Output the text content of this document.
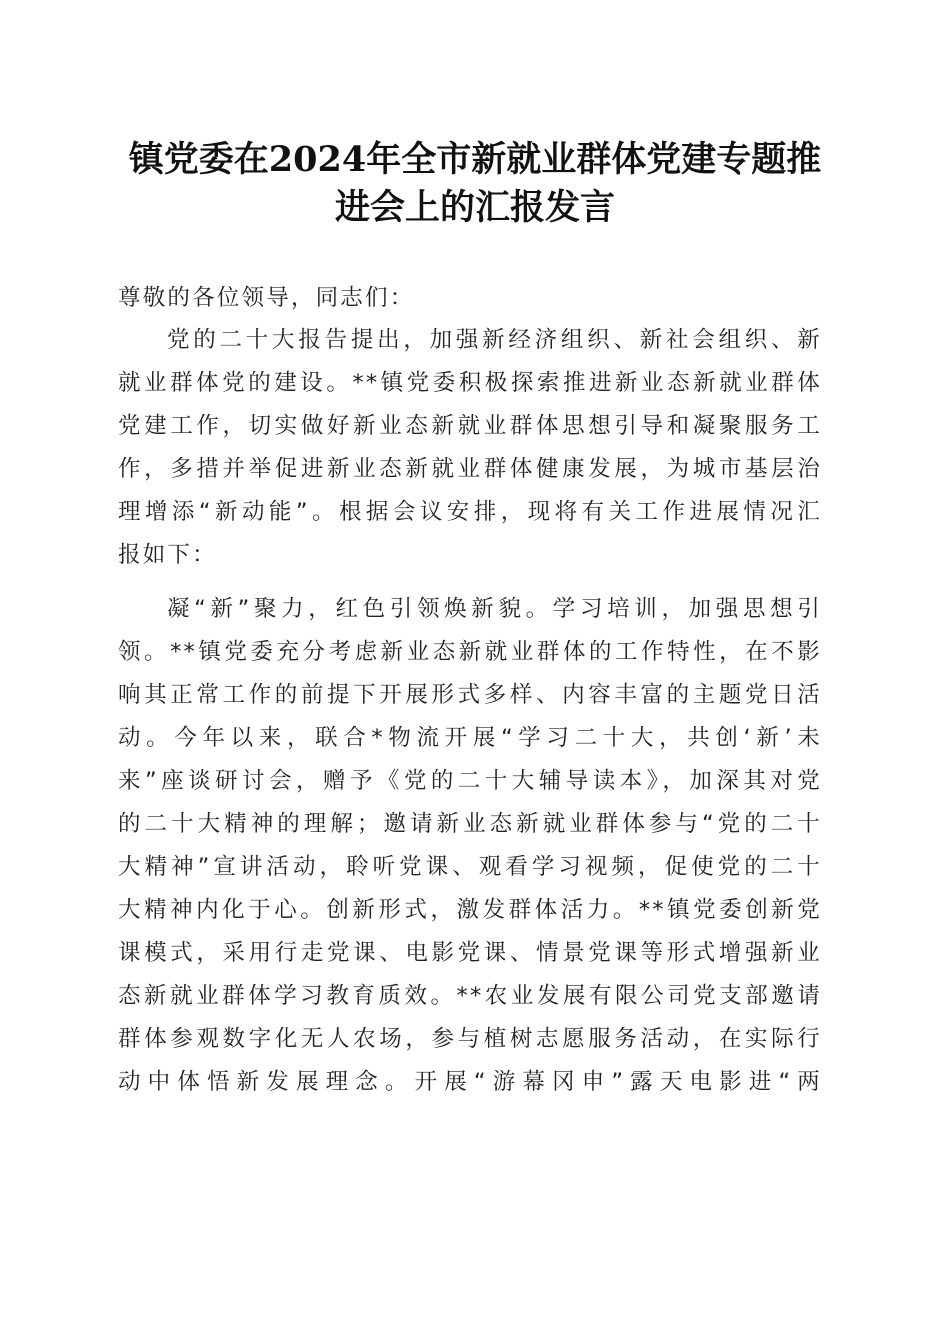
镇党委在2024年全市新就业群体党建专题推
进会上的汇报发言
尊敬的各位领导，同志们：
党的二十大报告提出，加强新经济组织、新社会组织、新
就业群体党的建设。**镇党委积极探索推进新业态新就业群体
党建工作，切实做好新业态新就业群体思想引导和凝聚服务工
作，多措并举促进新业态新就业群体健康发展，为城市基层治
理增添“新动能”。根据会议安排，现将有关工作进展情况汇
报如下：
凝“新”聚力，红色引领焕新貌。学习培训，加强思想引
领。**镇党委充分考虑新业态新就业群体的工作特性，在不影
响其正常工作的前提下开展形式多样、内容丰富的主题党日活
动。今年以来，联合*物流开展“学习二十大，共创‘新’未
来”座谈研讨会，赠予《党的二十大辅导读本》，加深其对党
的二十大精神的理解；邀请新业态新就业群体参与“党的二十
大精神”宣讲活动，聆听党课、观看学习视频，促使党的二十
大精神内化于心。创新形式，激发群体活力。**镇党委创新党
课模式，采用行走党课、电影党课、情景党课等形式增强新业
态新就业群体学习教育质效。**农业发展有限公司党支部邀请
群体参观数字化无人农场，参与植树志愿服务活动，在实际行
动中体悟新发展理念。开展“游幕冈申”露天电影进“两
